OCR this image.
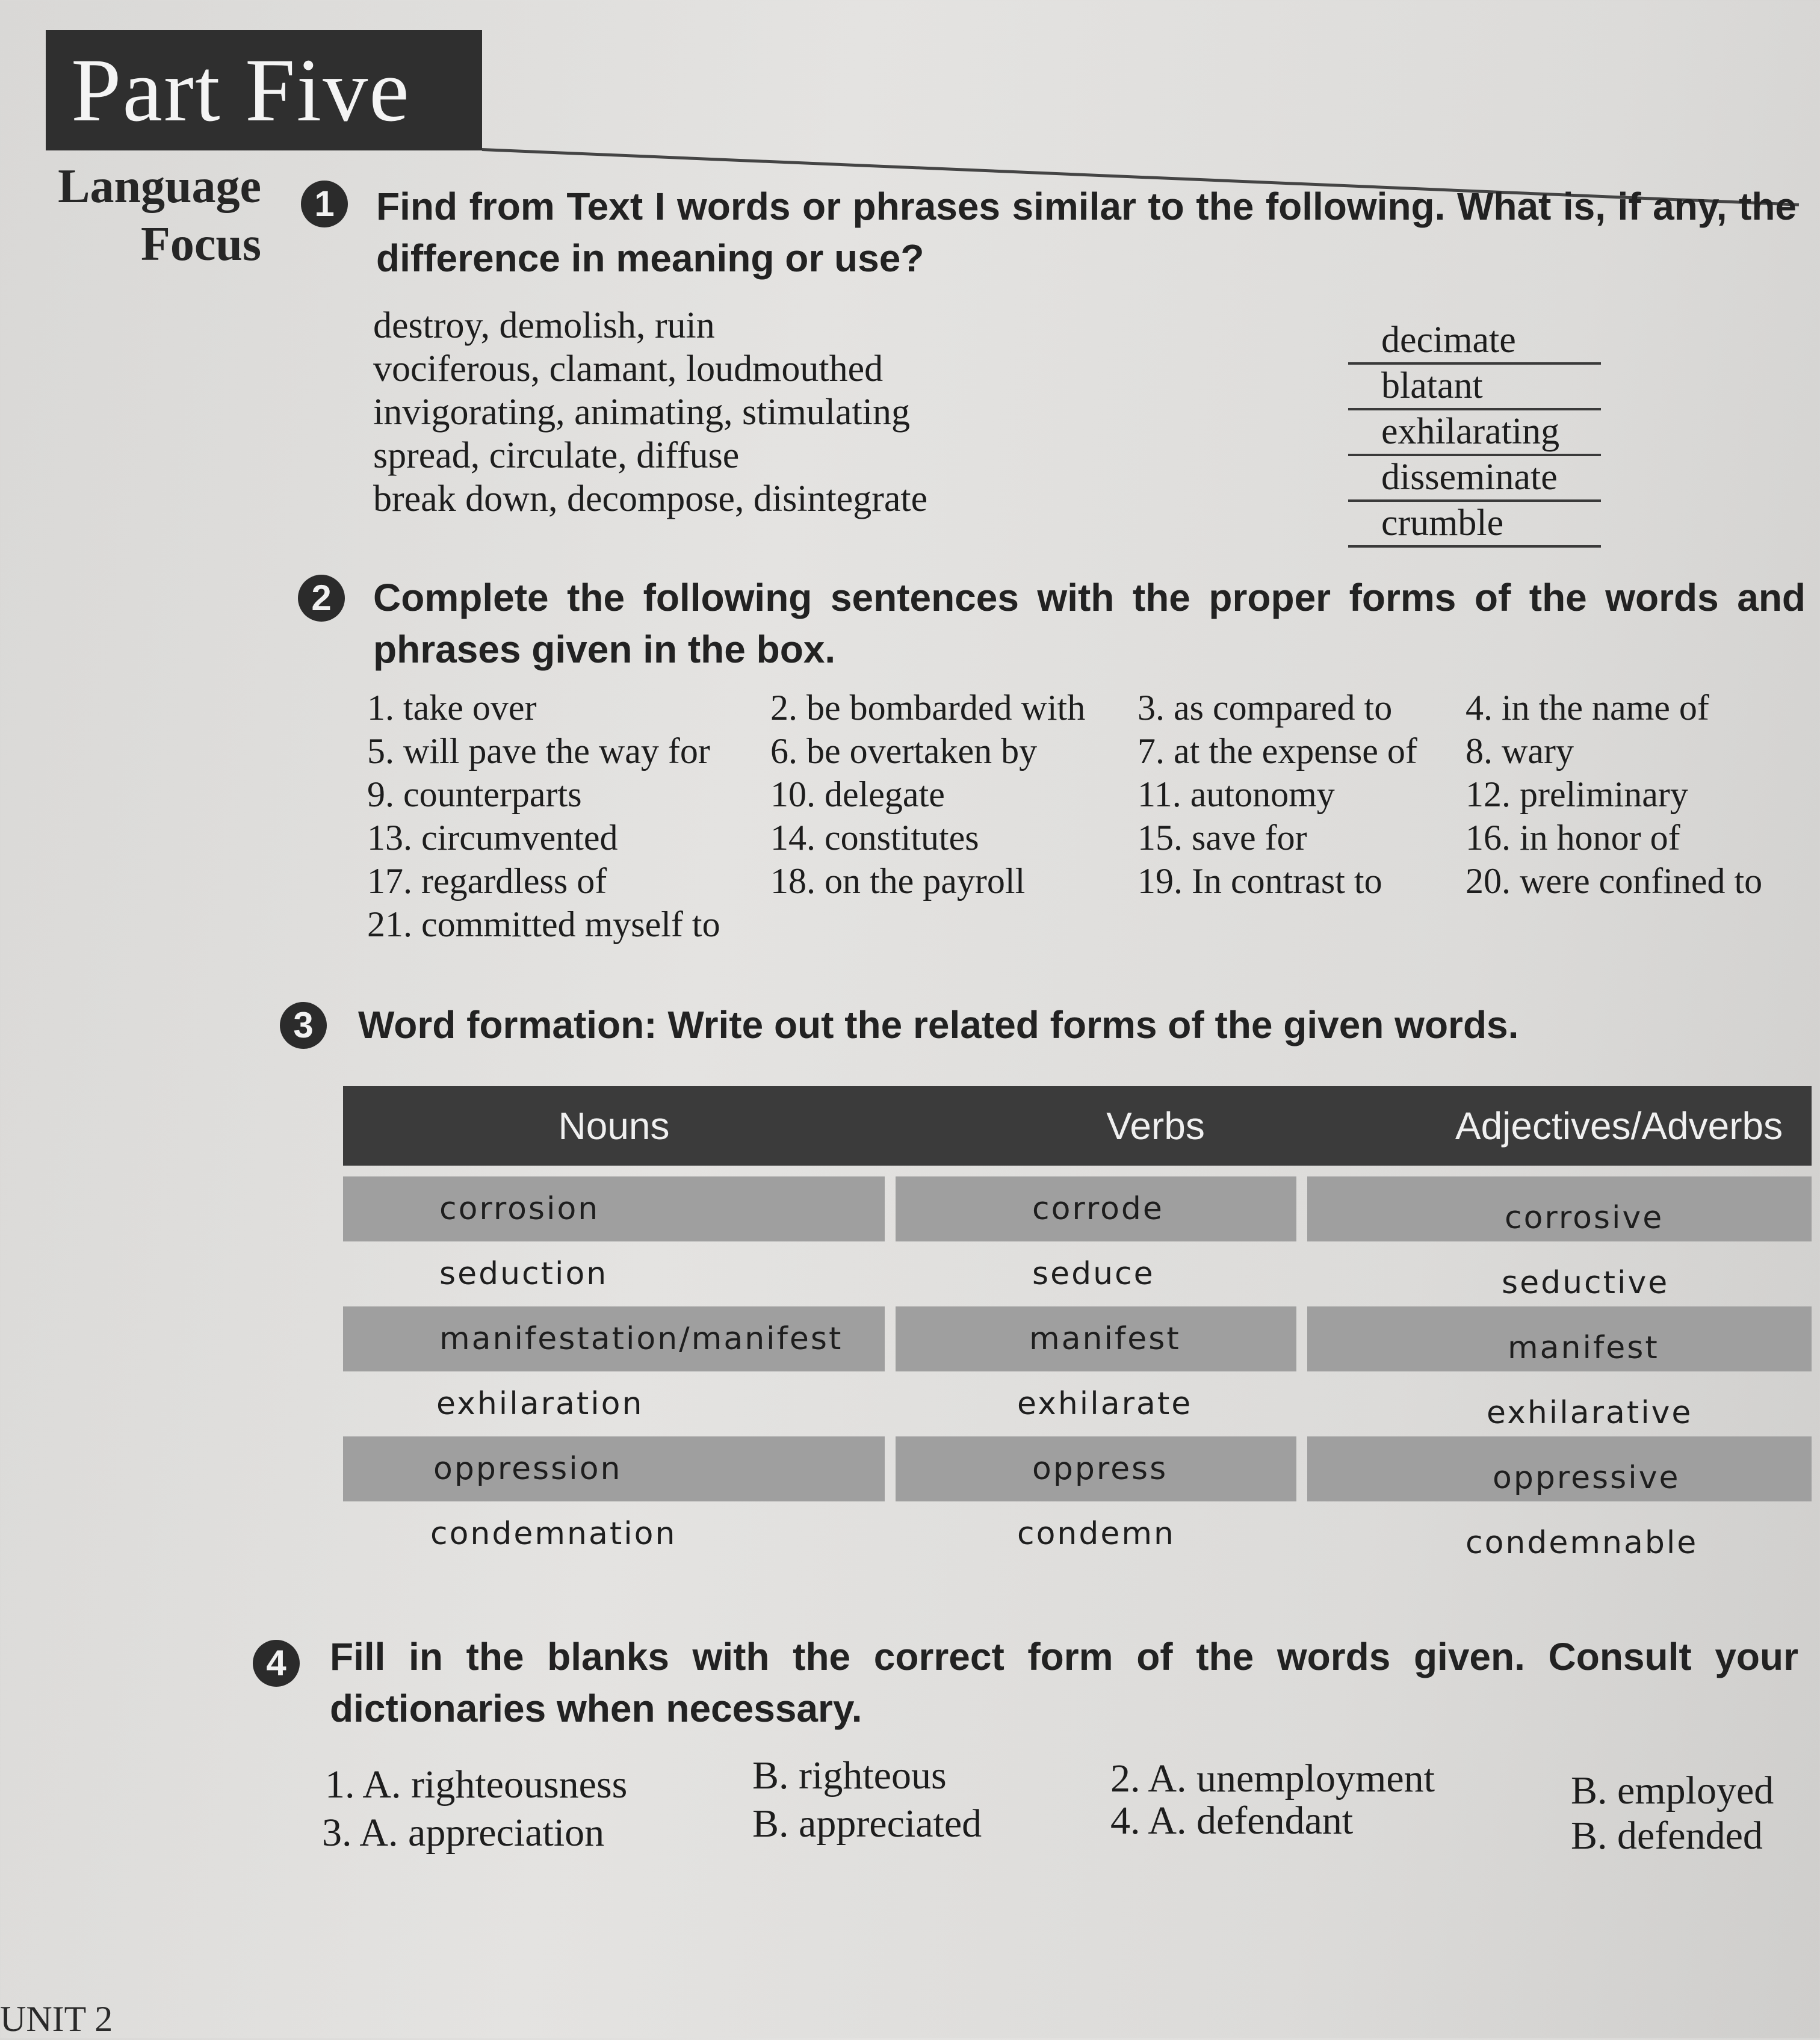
Part Five
Language
Focus
1	Find from Text I words or phrases similar to the following. What is, if any, the difference in meaning or use?
destroy, demolish, ruin
vociferous, clamant, loudmouthed
invigorating, animating, stimulating
spread, circulate, diffuse
break down, decompose, disintegrate
decimate
blatant
exhilarating
disseminate
crumble
2	Complete the following sentences with the proper forms of the words and phrases given in the box.
1. take over	2. be bombarded with 3. as compared to 4. in the name of
5. will pave the way for 6. be overtaken by	7. at the expense of 8. wary
9. counterparts	10. delegate	11. autonomy	12. preliminary
13. circumvented	14. constitutes	15. save for	16. in honor of
17. regardless of	18. on the payroll	19. In contrast to 20. were confined to
21. committed myself to
3	Word formation: Write out the related forms of the given words.
Nouns	Verbs	Adjectives/Adverbs
corrosion	corrode	corrosive
seduction	seduce	seductive
manifestation/manifest	manifest	manifest
exhilaration	exhilarate	exhilarative
oppression	oppress	oppressive
condemnation	condemn	condemnable
4	Fill in the blanks with the correct form of the words given. Consult your dictionaries when necessary.
1. A. righteousness	B. righteous	2. A. unemployment	B. employed
3. A. appreciation	B. appreciated	4. A. defendant	B. defended
UNIT 2
